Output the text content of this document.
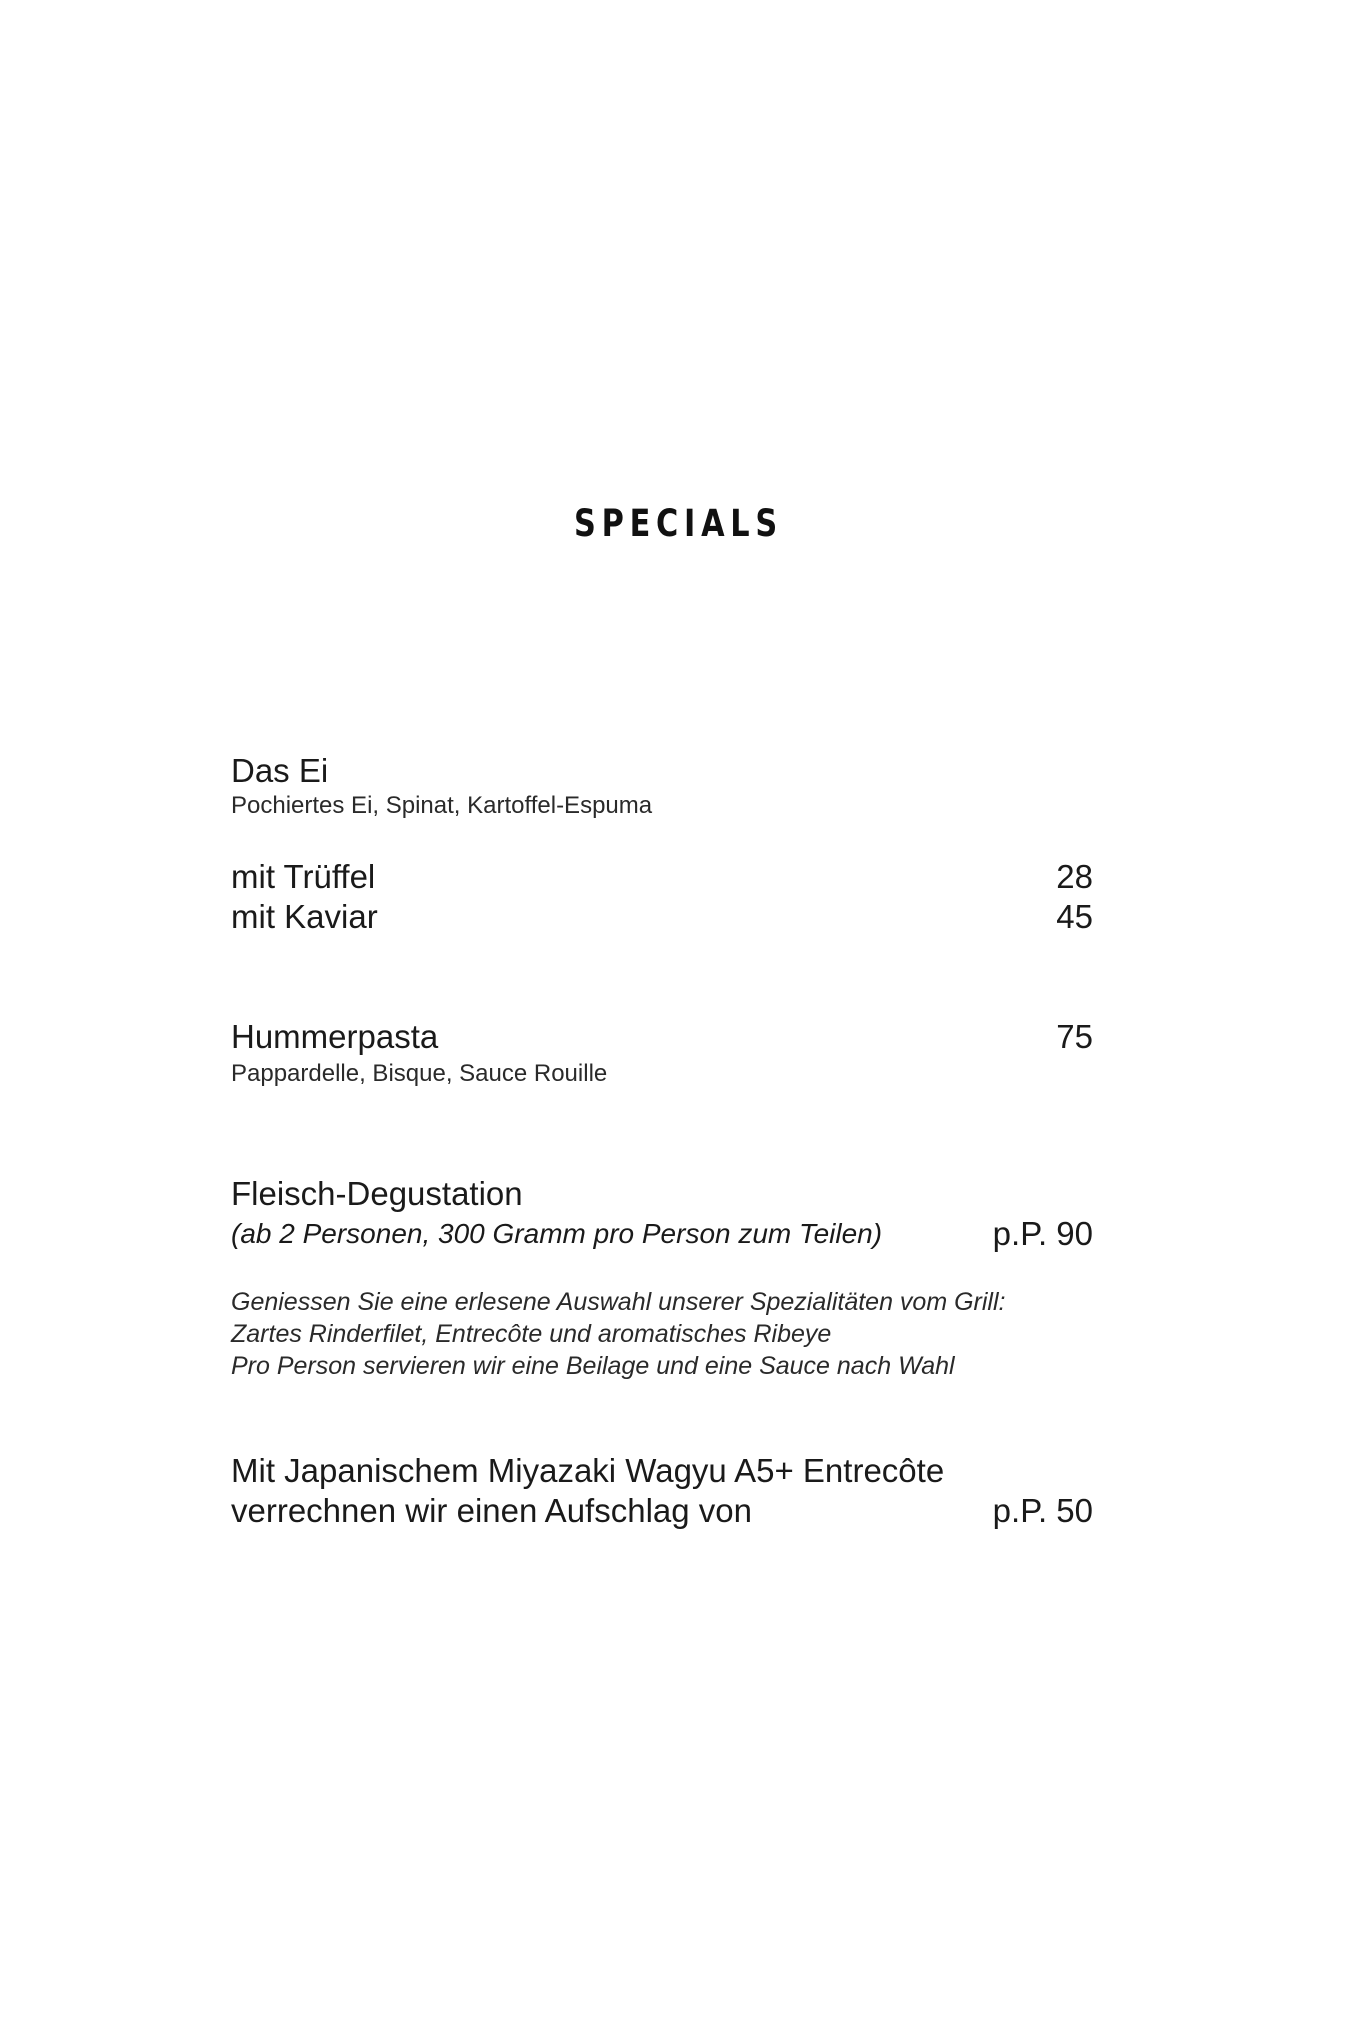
SPECIALS
Das Ei
Pochiertes Ei, Spinat, Kartoffel-Espuma
mit Trüffel	28
mit Kaviar	45
Hummerpasta	75
Pappardelle, Bisque, Sauce Rouille
Fleisch-Degustation
(ab 2 Personen, 300 Gramm pro Person zum Teilen)	p.P. 90
Geniessen Sie eine erlesene Auswahl unserer Spezialitäten vom Grill:
Zartes Rinderfilet, Entrecôte und aromatisches Ribeye
Pro Person servieren wir eine Beilage und eine Sauce nach Wahl
Mit Japanischem Miyazaki Wagyu A5+ Entrecôte
verrechnen wir einen Aufschlag von	p.P. 50
